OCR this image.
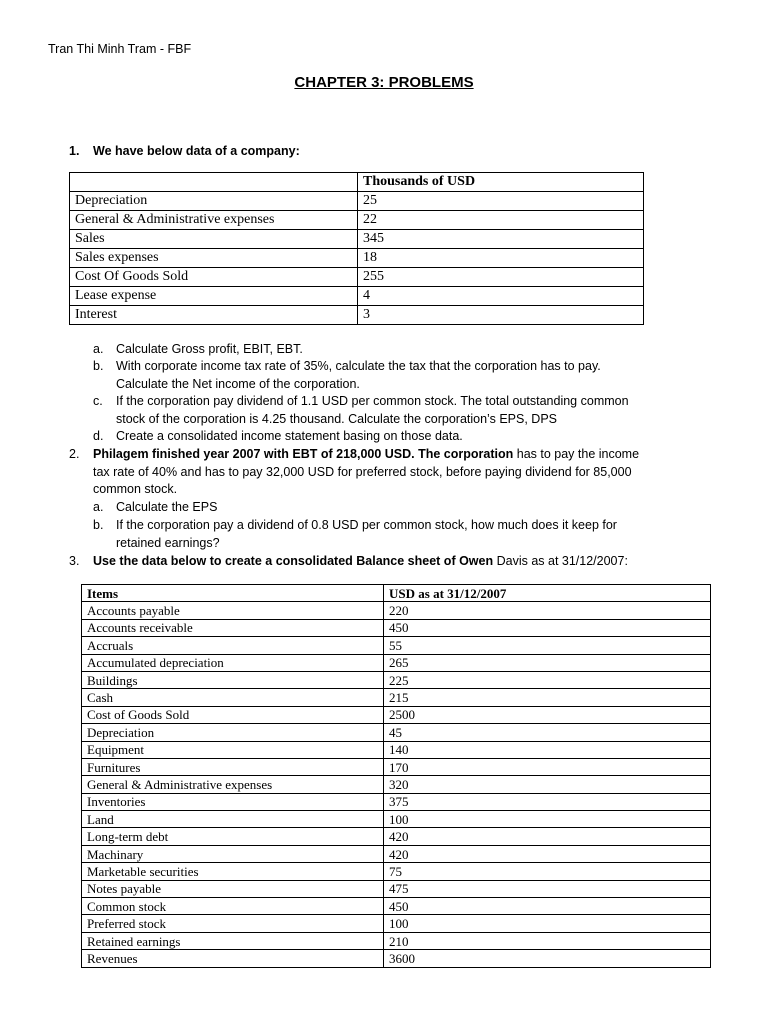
Tran Thi Minh Tram - FBF
CHAPTER 3: PROBLEMS
1.	We have below data of a company:
	Thousands of USD
Depreciation	25
General & Administrative expenses	22
Sales	345
Sales expenses	18
Cost Of Goods Sold	255
Lease expense	4
Interest	3
a. Calculate Gross profit, EBIT, EBT.
b. With corporate income tax rate of 35%, calculate the tax that the corporation has to pay.
Calculate the Net income of the corporation.
c. If the corporation pay dividend of 1.1 USD per common stock. The total outstanding common
stock of the corporation is 4.25 thousand. Calculate the corporation’s EPS, DPS
d. Create a consolidated income statement basing on those data.
2.	Philagem finished year 2007 with EBT of 218,000 USD. The corporation has to pay the income
tax rate of 40% and has to pay 32,000 USD for preferred stock, before paying dividend for 85,000
common stock.
a. Calculate the EPS
b. If the corporation pay a dividend of 0.8 USD per common stock, how much does it keep for
retained earnings?
3.	Use the data below to create a consolidated Balance sheet of Owen Davis as at 31/12/2007:
Items	USD as at 31/12/2007
Accounts payable	220
Accounts receivable	450
Accruals	55
Accumulated depreciation	265
Buildings	225
Cash	215
Cost of Goods Sold	2500
Depreciation	45
Equipment	140
Furnitures	170
General & Administrative expenses	320
Inventories	375
Land	100
Long-term debt	420
Machinary	420
Marketable securities	75
Notes payable	475
Common stock	450
Preferred stock	100
Retained earnings	210
Revenues	3600
